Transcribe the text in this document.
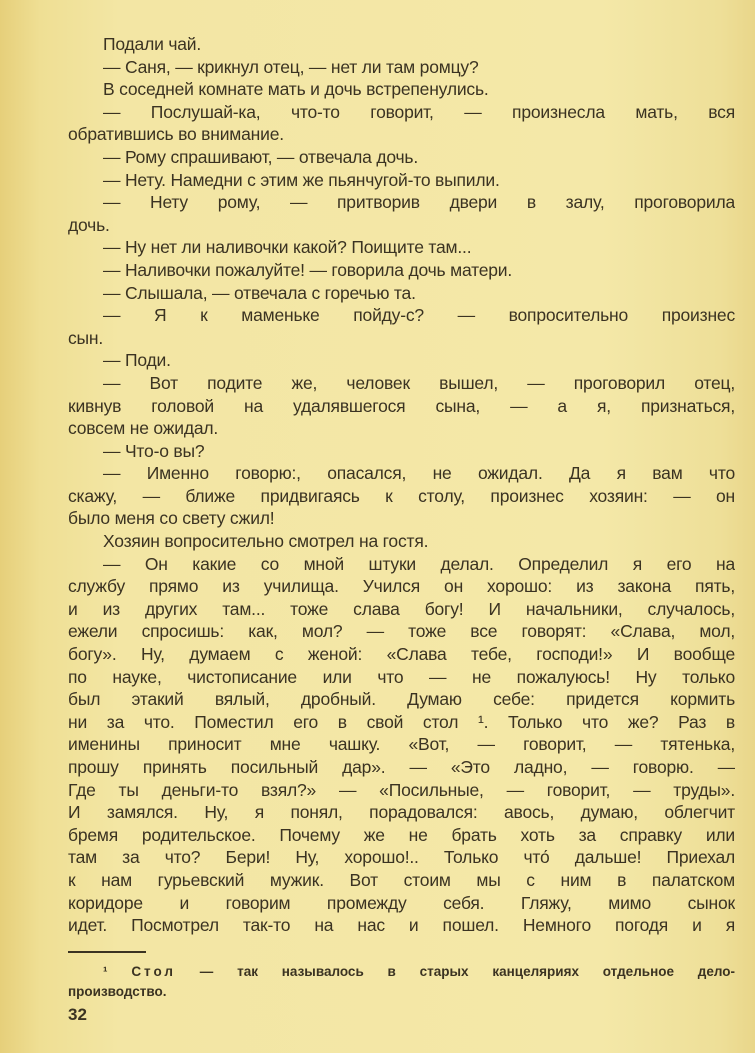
Подали чай.
— Саня, — крикнул отец, — нет ли там ромцу?
В соседней комнате мать и дочь встрепенулись.
— Послушай-ка, что-то говорит, — произнесла мать, вся
обратившись во внимание.
— Рому спрашивают, — отвечала дочь.
— Нету. Намедни с этим же пьянчугой-то выпили.
— Нету рому, — притворив двери в залу, проговорила
дочь.
— Ну нет ли наливочки какой? Поищите там...
— Наливочки пожалуйте! — говорила дочь матери.
— Слышала, — отвечала с горечью та.
— Я к маменьке пойду-с? — вопросительно произнес
сын.
— Поди.
— Вот подите же, человек вышел, — проговорил отец,
кивнув головой на удалявшегося сына, — а я, признаться,
совсем не ожидал.
— Что-о вы?
— Именно говорю:, опасался, не ожидал. Да я вам что
скажу, — ближе придвигаясь к столу, произнес хозяин: — он
было меня со свету сжил!
Хозяин вопросительно смотрел на гостя.
— Он какие со мной штуки делал. Определил я его на
службу прямо из училища. Учился он хорошо: из закона пять,
и из других там... тоже слава богу! И начальники, случалось,
ежели спросишь: как, мол? — тоже все говорят: «Слава, мол,
богу». Ну, думаем с женой: «Слава тебе, господи!» И вообще
по науке, чистописание или что — не пожалуюсь! Ну только
был этакий вялый, дробный. Думаю себе: придется кормить
ни за что. Поместил его в свой стол ¹. Только что же? Раз в
именины приносит мне чашку. «Вот, — говорит, — тятенька,
прошу принять посильный дар». — «Это ладно, — говорю. —
Где ты деньги-то взял?» — «Посильные, — говорит, — труды».
И замялся. Ну, я понял, порадовался: авось, думаю, облегчит
бремя родительское. Почему же не брать хоть за справку или
там за что? Бери! Ну, хорошо!.. Только что́ дальше! Приехал
к нам гурьевский мужик. Вот стоим мы с ним в палатском
коридоре и говорим промежду себя. Гляжу, мимо сынок
идет. Посмотрел так-то на нас и пошел. Немного погодя и я
¹ Стол — так называлось в старых канцеляриях отдельное дело-
производство.
32
